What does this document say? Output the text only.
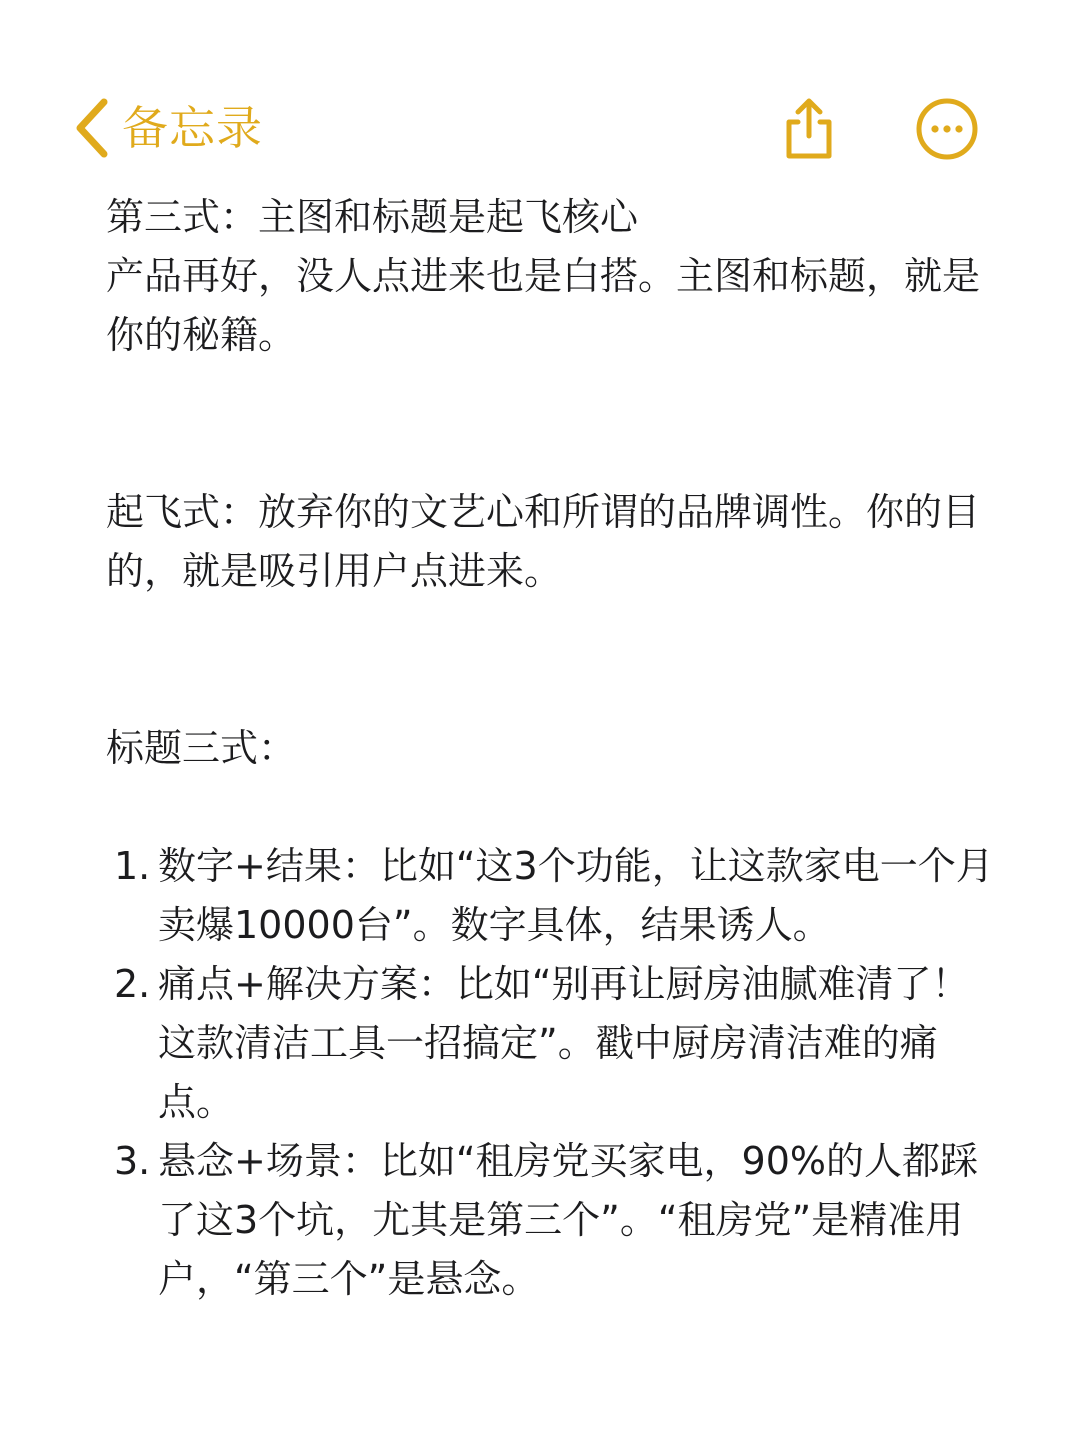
备忘录

第三式：主图和标题是起飞核心

产品再好，没人点进来也是白搭。主图和标题，就是你的秘籍。

起飞式：放弃你的文艺心和所谓的品牌调性。你的目的，就是吸引用户点进来。

标题三式：

1. 数字+结果：比如“这3个功能，让这款家电一个月卖爆10000台”。数字具体，结果诱人。
2. 痛点+解决方案：比如“别再让厨房油腻难清了！这款清洁工具一招搞定”。戳中厨房清洁难的痛点。
3. 悬念+场景：比如“租房党买家电，90%的人都踩了这3个坑，尤其是第三个”。“租房党”是精准用户，“第三个”是悬念。
